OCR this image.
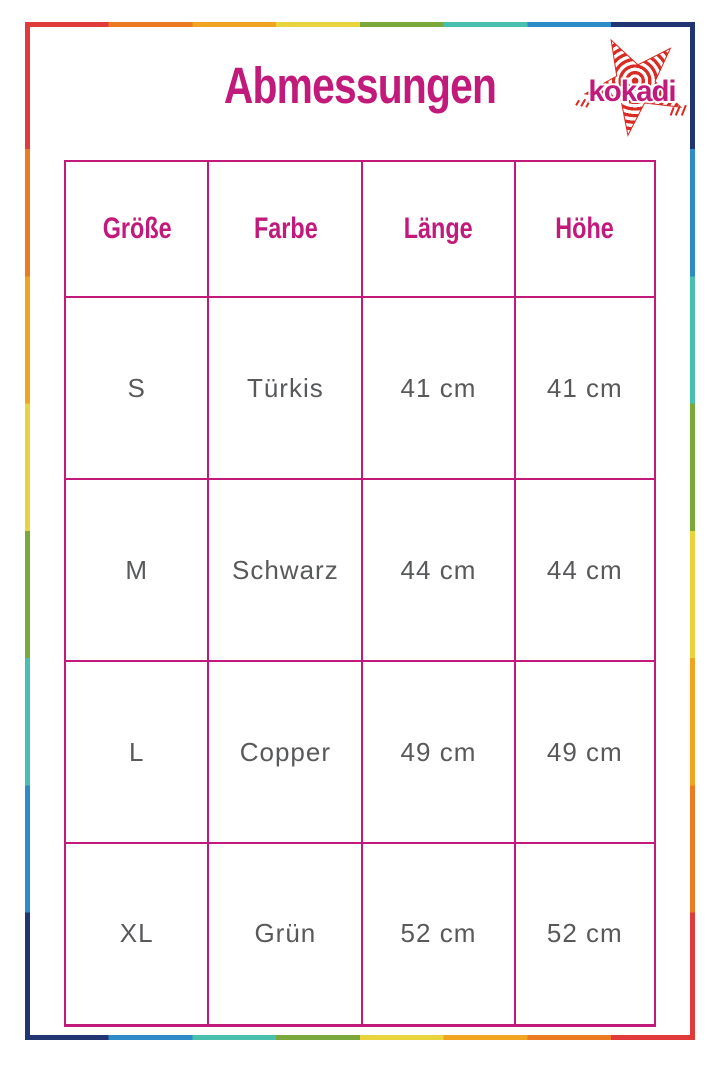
Abmessungen	kokadi
Größe	Farbe	Länge	Höhe
S	Türkis	41 cm	41 cm
M	Schwarz	44 cm	44 cm
L	Copper	49 cm	49 cm
XL	Grün	52 cm	52 cm
